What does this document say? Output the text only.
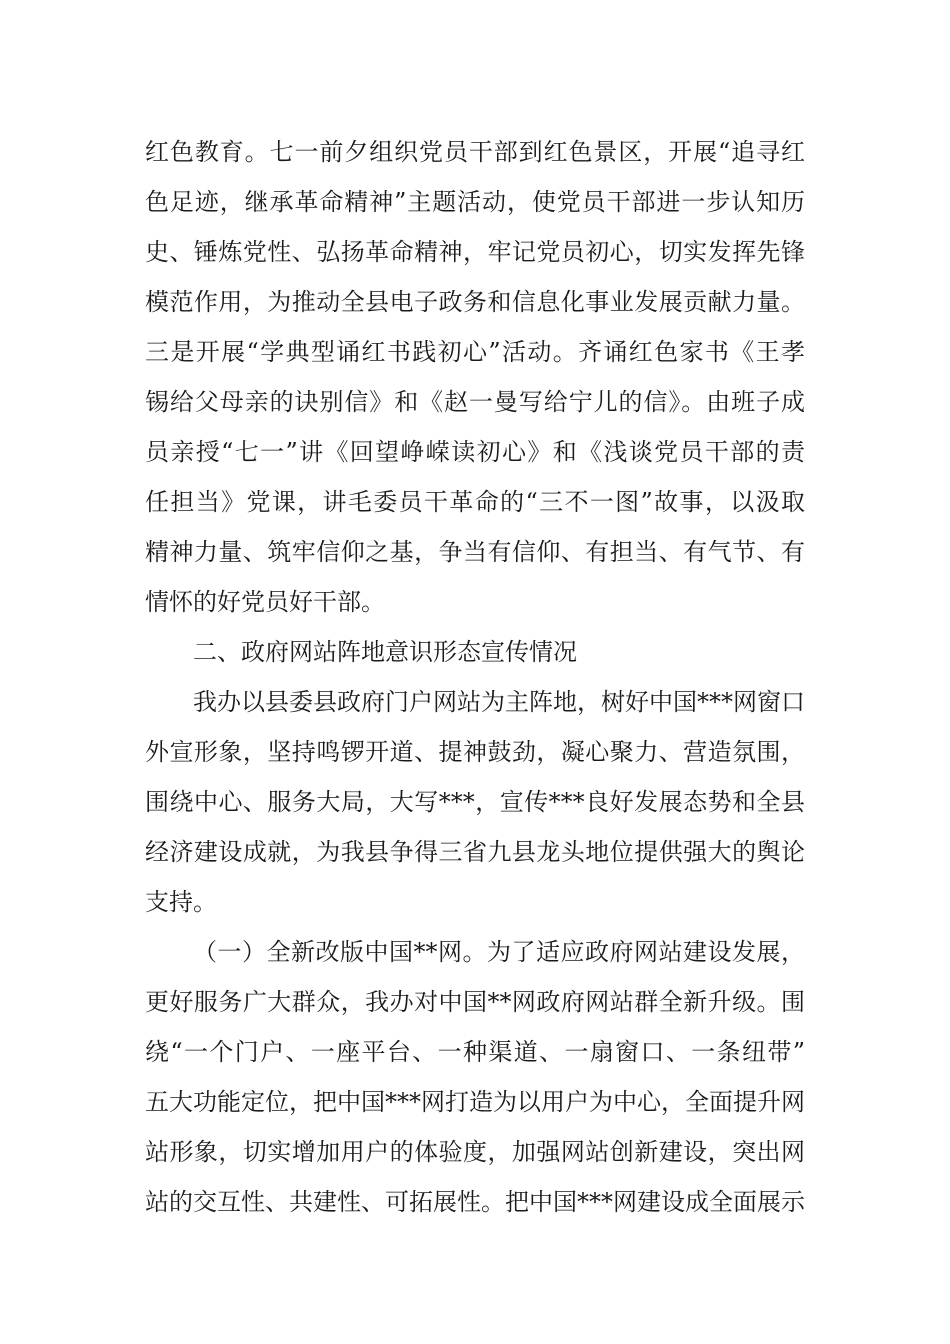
红色教育。七一前夕组织党员干部到红色景区，开展“追寻红
色足迹，继承革命精神”主题活动，使党员干部进一步认知历
史、锤炼党性、弘扬革命精神，牢记党员初心，切实发挥先锋
模范作用，为推动全县电子政务和信息化事业发展贡献力量。
三是开展“学典型诵红书践初心”活动。齐诵红色家书《王孝
锡给父母亲的诀别信》和《赵一曼写给宁儿的信》。由班子成
员亲授“七一”讲《回望峥嵘读初心》和《浅谈党员干部的责
任担当》党课，讲毛委员干革命的“三不一图”故事，以汲取
精神力量、筑牢信仰之基，争当有信仰、有担当、有气节、有
情怀的好党员好干部。
二、政府网站阵地意识形态宣传情况
我办以县委县政府门户网站为主阵地，树好中国***网窗口
外宣形象，坚持鸣锣开道、提神鼓劲，凝心聚力、营造氛围，
围绕中心、服务大局，大写***，宣传***良好发展态势和全县
经济建设成就，为我县争得三省九县龙头地位提供强大的舆论
支持。
（一）全新改版中国**网。为了适应政府网站建设发展，
更好服务广大群众，我办对中国**网政府网站群全新升级。围
绕“一个门户、一座平台、一种渠道、一扇窗口、一条纽带”
五大功能定位，把中国***网打造为以用户为中心，全面提升网
站形象，切实增加用户的体验度，加强网站创新建设，突出网
站的交互性、共建性、可拓展性。把中国***网建设成全面展示
